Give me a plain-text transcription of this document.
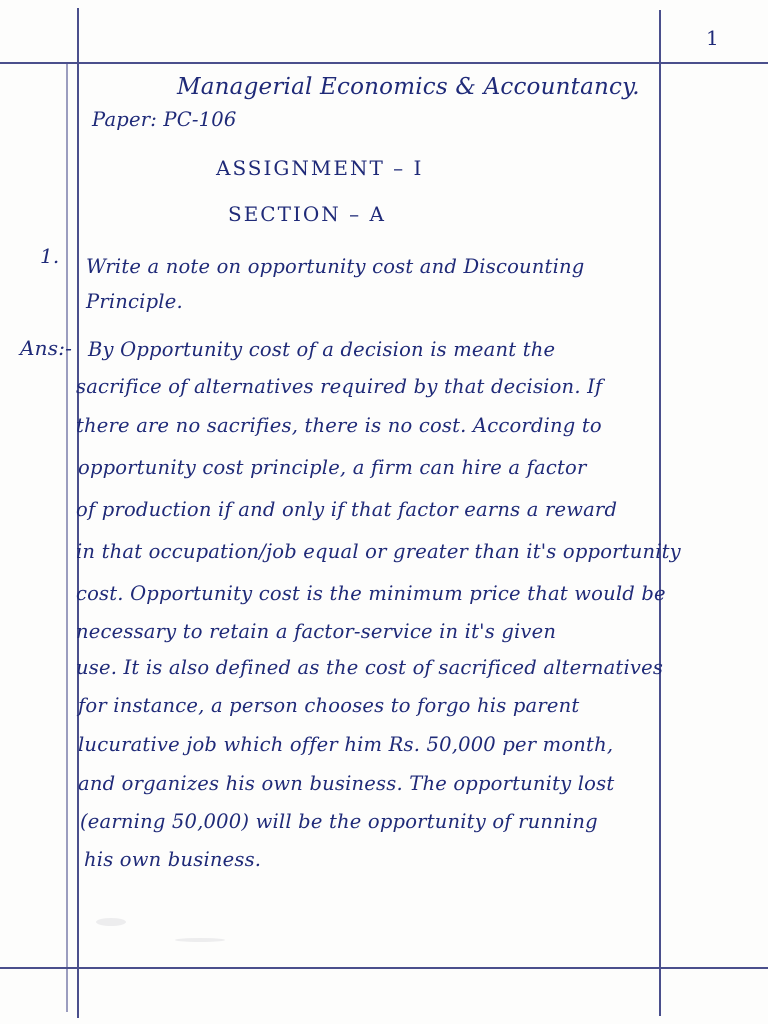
1
Managerial Economics & Accountancy.
Paper: PC-106
ASSIGNMENT – I
SECTION – A
1. Write a note on opportunity cost and Discounting
Principle.
Ans:- By Opportunity cost of a decision is meant the
sacrifice of alternatives required by that decision. If
there are no sacrifies, there is no cost. According to
opportunity cost principle, a firm can hire a factor
of production if and only if that factor earns a reward
in that occupation/job equal or greater than it's opportunity
cost. Opportunity cost is the minimum price that would be
necessary to retain a factor-service in it's given
use. It is also defined as the cost of sacrificed alternatives
for instance, a person chooses to forgo his parent
lucurative job which offer him Rs. 50,000 per month,
and organizes his own business. The opportunity lost
(earning 50,000) will be the opportunity of running
his own business.
